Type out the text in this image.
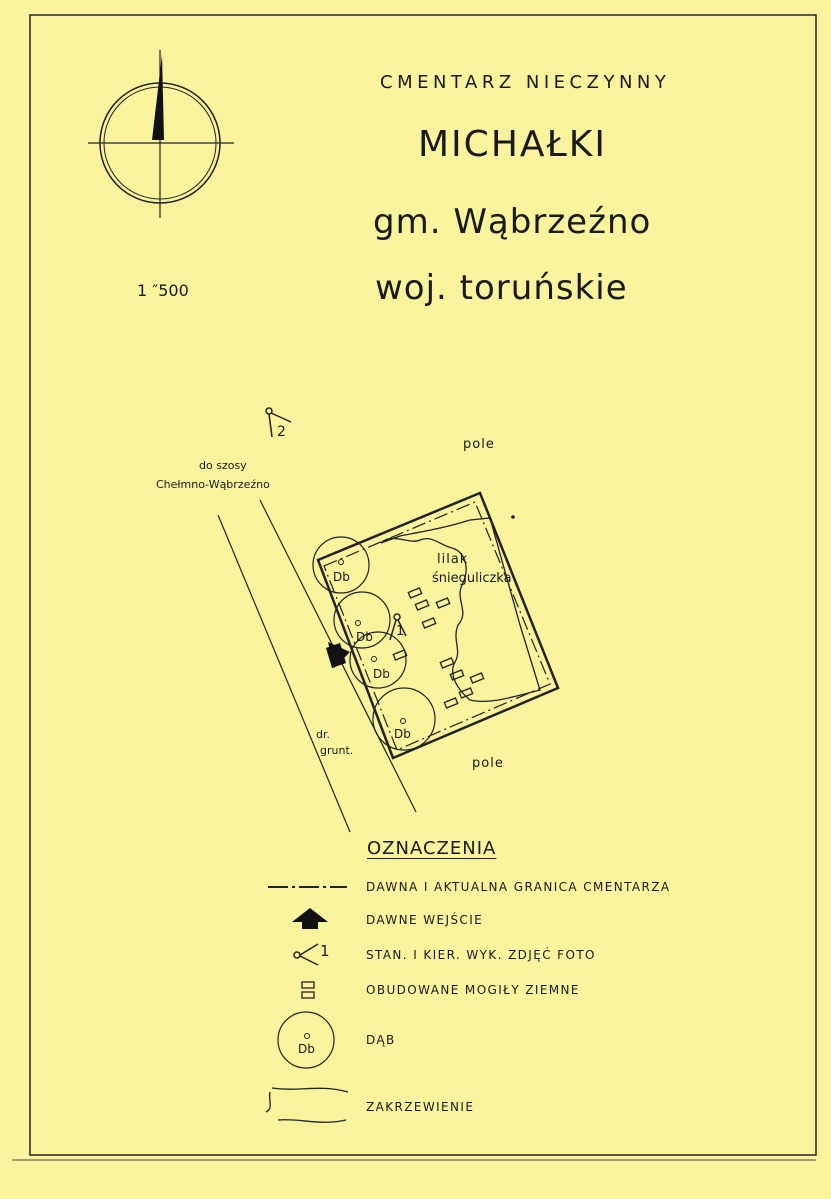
CMENTARZ NIECZYNNY
MICHAŁKI
gm. Wąbrzeźno
woj. toruńskie
1 ″500
2
1
do szosy
Chełmno-Wąbrzeźno
pole
pole
lilak
śnieguliczka
dr.
grunt.
Db
Db
Db
Db
OZNACZENIA
DAWNA I AKTUALNA GRANICA CMENTARZA
DAWNE WEJŚCIE
1	STAN. I KIER. WYK. ZDJĘĆ FOTO
OBUDOWANE MOGIŁY ZIEMNE
Db
DĄB
ZAKRZEWIENIE
